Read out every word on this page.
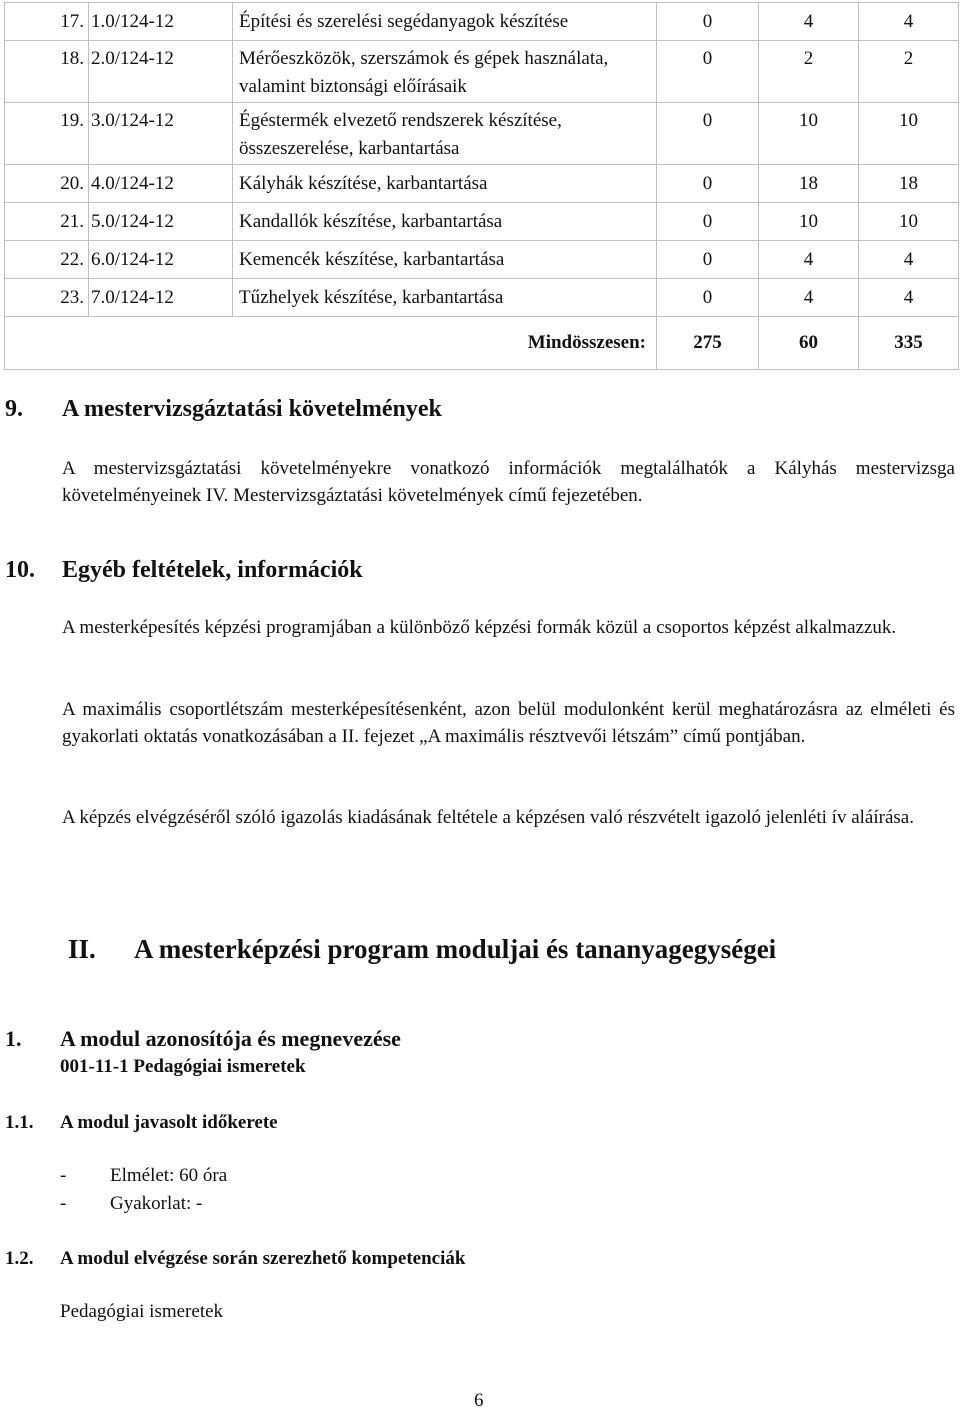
17.	1.0/124-12	Építési és szerelési segédanyagok készítése	0	4	4
18.	2.0/124-12	Mérőeszközök, szerszámok és gépek használata, valamint biztonsági előírásaik	0	2	2
19.	3.0/124-12	Égéstermék elvezető rendszerek készítése, összeszerelése, karbantartása	0	10	10
20.	4.0/124-12	Kályhák készítése, karbantartása	0	18	18
21.	5.0/124-12	Kandallók készítése, karbantartása	0	10	10
22.	6.0/124-12	Kemencék készítése, karbantartása	0	4	4
23.	7.0/124-12	Tűzhelyek készítése, karbantartása	0	4	4
Mindösszesen:			275	60	335
9. A mestervizsgáztatási követelmények
A mestervizsgáztatási követelményekre vonatkozó információk megtalálhatók a Kályhás mestervizsga követelményeinek IV. Mestervizsgáztatási követelmények című fejezetében.
10. Egyéb feltételek, információk
A mesterképesítés képzési programjában a különböző képzési formák közül a csoportos képzést alkalmazzuk.
A maximális csoportlétszám mesterképesítésenként, azon belül modulonként kerül meghatározásra az elméleti és gyakorlati oktatás vonatkozásában a II. fejezet „A maximális résztvevői létszám” című pontjában.
A képzés elvégzéséről szóló igazolás kiadásának feltétele a képzésen való részvételt igazoló jelenléti ív aláírása.
II. A mesterképzési program moduljai és tananyagegységei
1. A modul azonosítója és megnevezése
001-11-1 Pedagógiai ismeretek
1.1. A modul javasolt időkerete
- Elmélet: 60 óra
- Gyakorlat: -
1.2. A modul elvégzése során szerezhető kompetenciák
Pedagógiai ismeretek
6
